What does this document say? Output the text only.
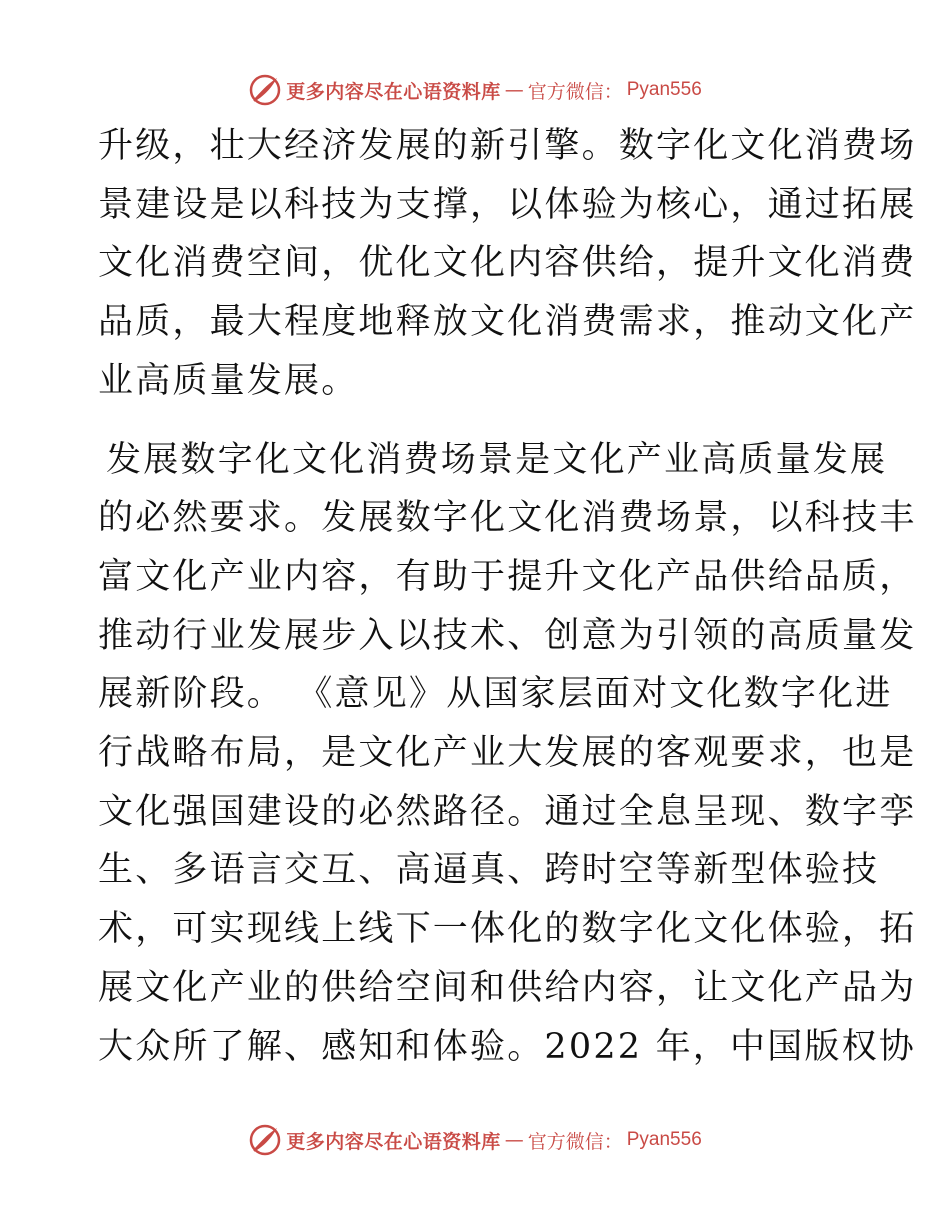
更多内容尽在心语资料库 — 官方微信： Pyan556

升级，壮大经济发展的新引擎。数字化文化消费场
景建设是以科技为支撑，以体验为核心，通过拓展
文化消费空间，优化文化内容供给，提升文化消费
品质，最大程度地释放文化消费需求，推动文化产
业高质量发展。

发展数字化文化消费场景是文化产业高质量发展
的必然要求。发展数字化文化消费场景，以科技丰
富文化产业内容，有助于提升文化产品供给品质，
推动行业发展步入以技术、创意为引领的高质量发
展新阶段。 《意见》从国家层面对文化数字化进
行战略布局，是文化产业大发展的客观要求，也是
文化强国建设的必然路径。通过全息呈现、数字孪
生、多语言交互、高逼真、跨时空等新型体验技
术，可实现线上线下一体化的数字化文化体验，拓
展文化产业的供给空间和供给内容，让文化产品为
大众所了解、感知和体验。2022 年，中国版权协

更多内容尽在心语资料库 — 官方微信： Pyan556
